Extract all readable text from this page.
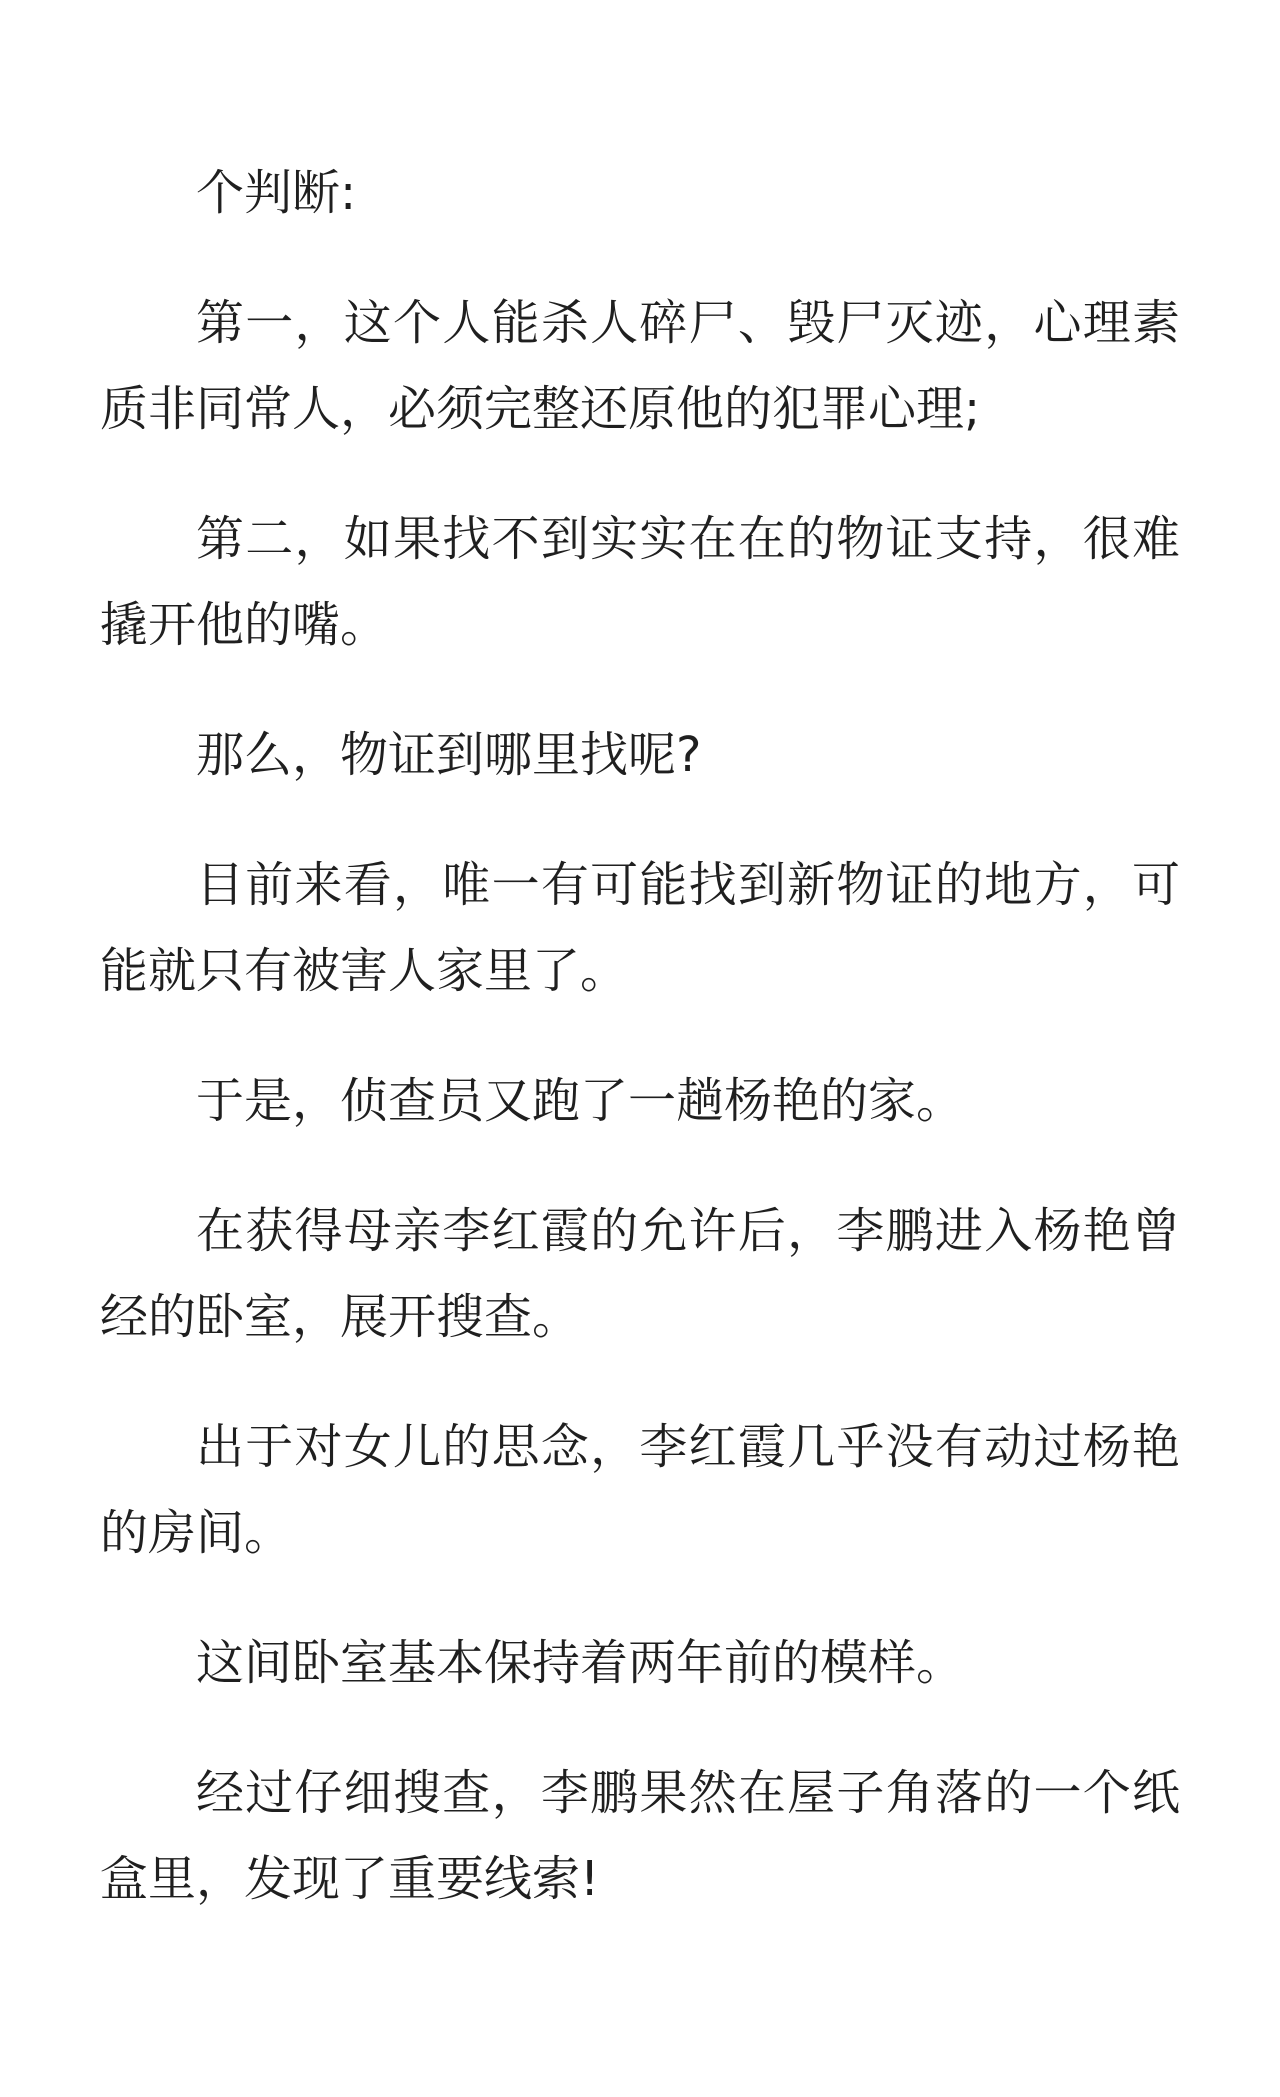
个判断:

第一，这个人能杀人碎尸、毁尸灭迹，心理素质非同常人，必须完整还原他的犯罪心理;

第二，如果找不到实实在在的物证支持，很难撬开他的嘴。

那么，物证到哪里找呢?

目前来看，唯一有可能找到新物证的地方，可能就只有被害人家里了。

于是，侦查员又跑了一趟杨艳的家。

在获得母亲李红霞的允许后，李鹏进入杨艳曾经的卧室，展开搜查。

出于对女儿的思念，李红霞几乎没有动过杨艳的房间。

这间卧室基本保持着两年前的模样。

经过仔细搜查，李鹏果然在屋子角落的一个纸盒里，发现了重要线索!
